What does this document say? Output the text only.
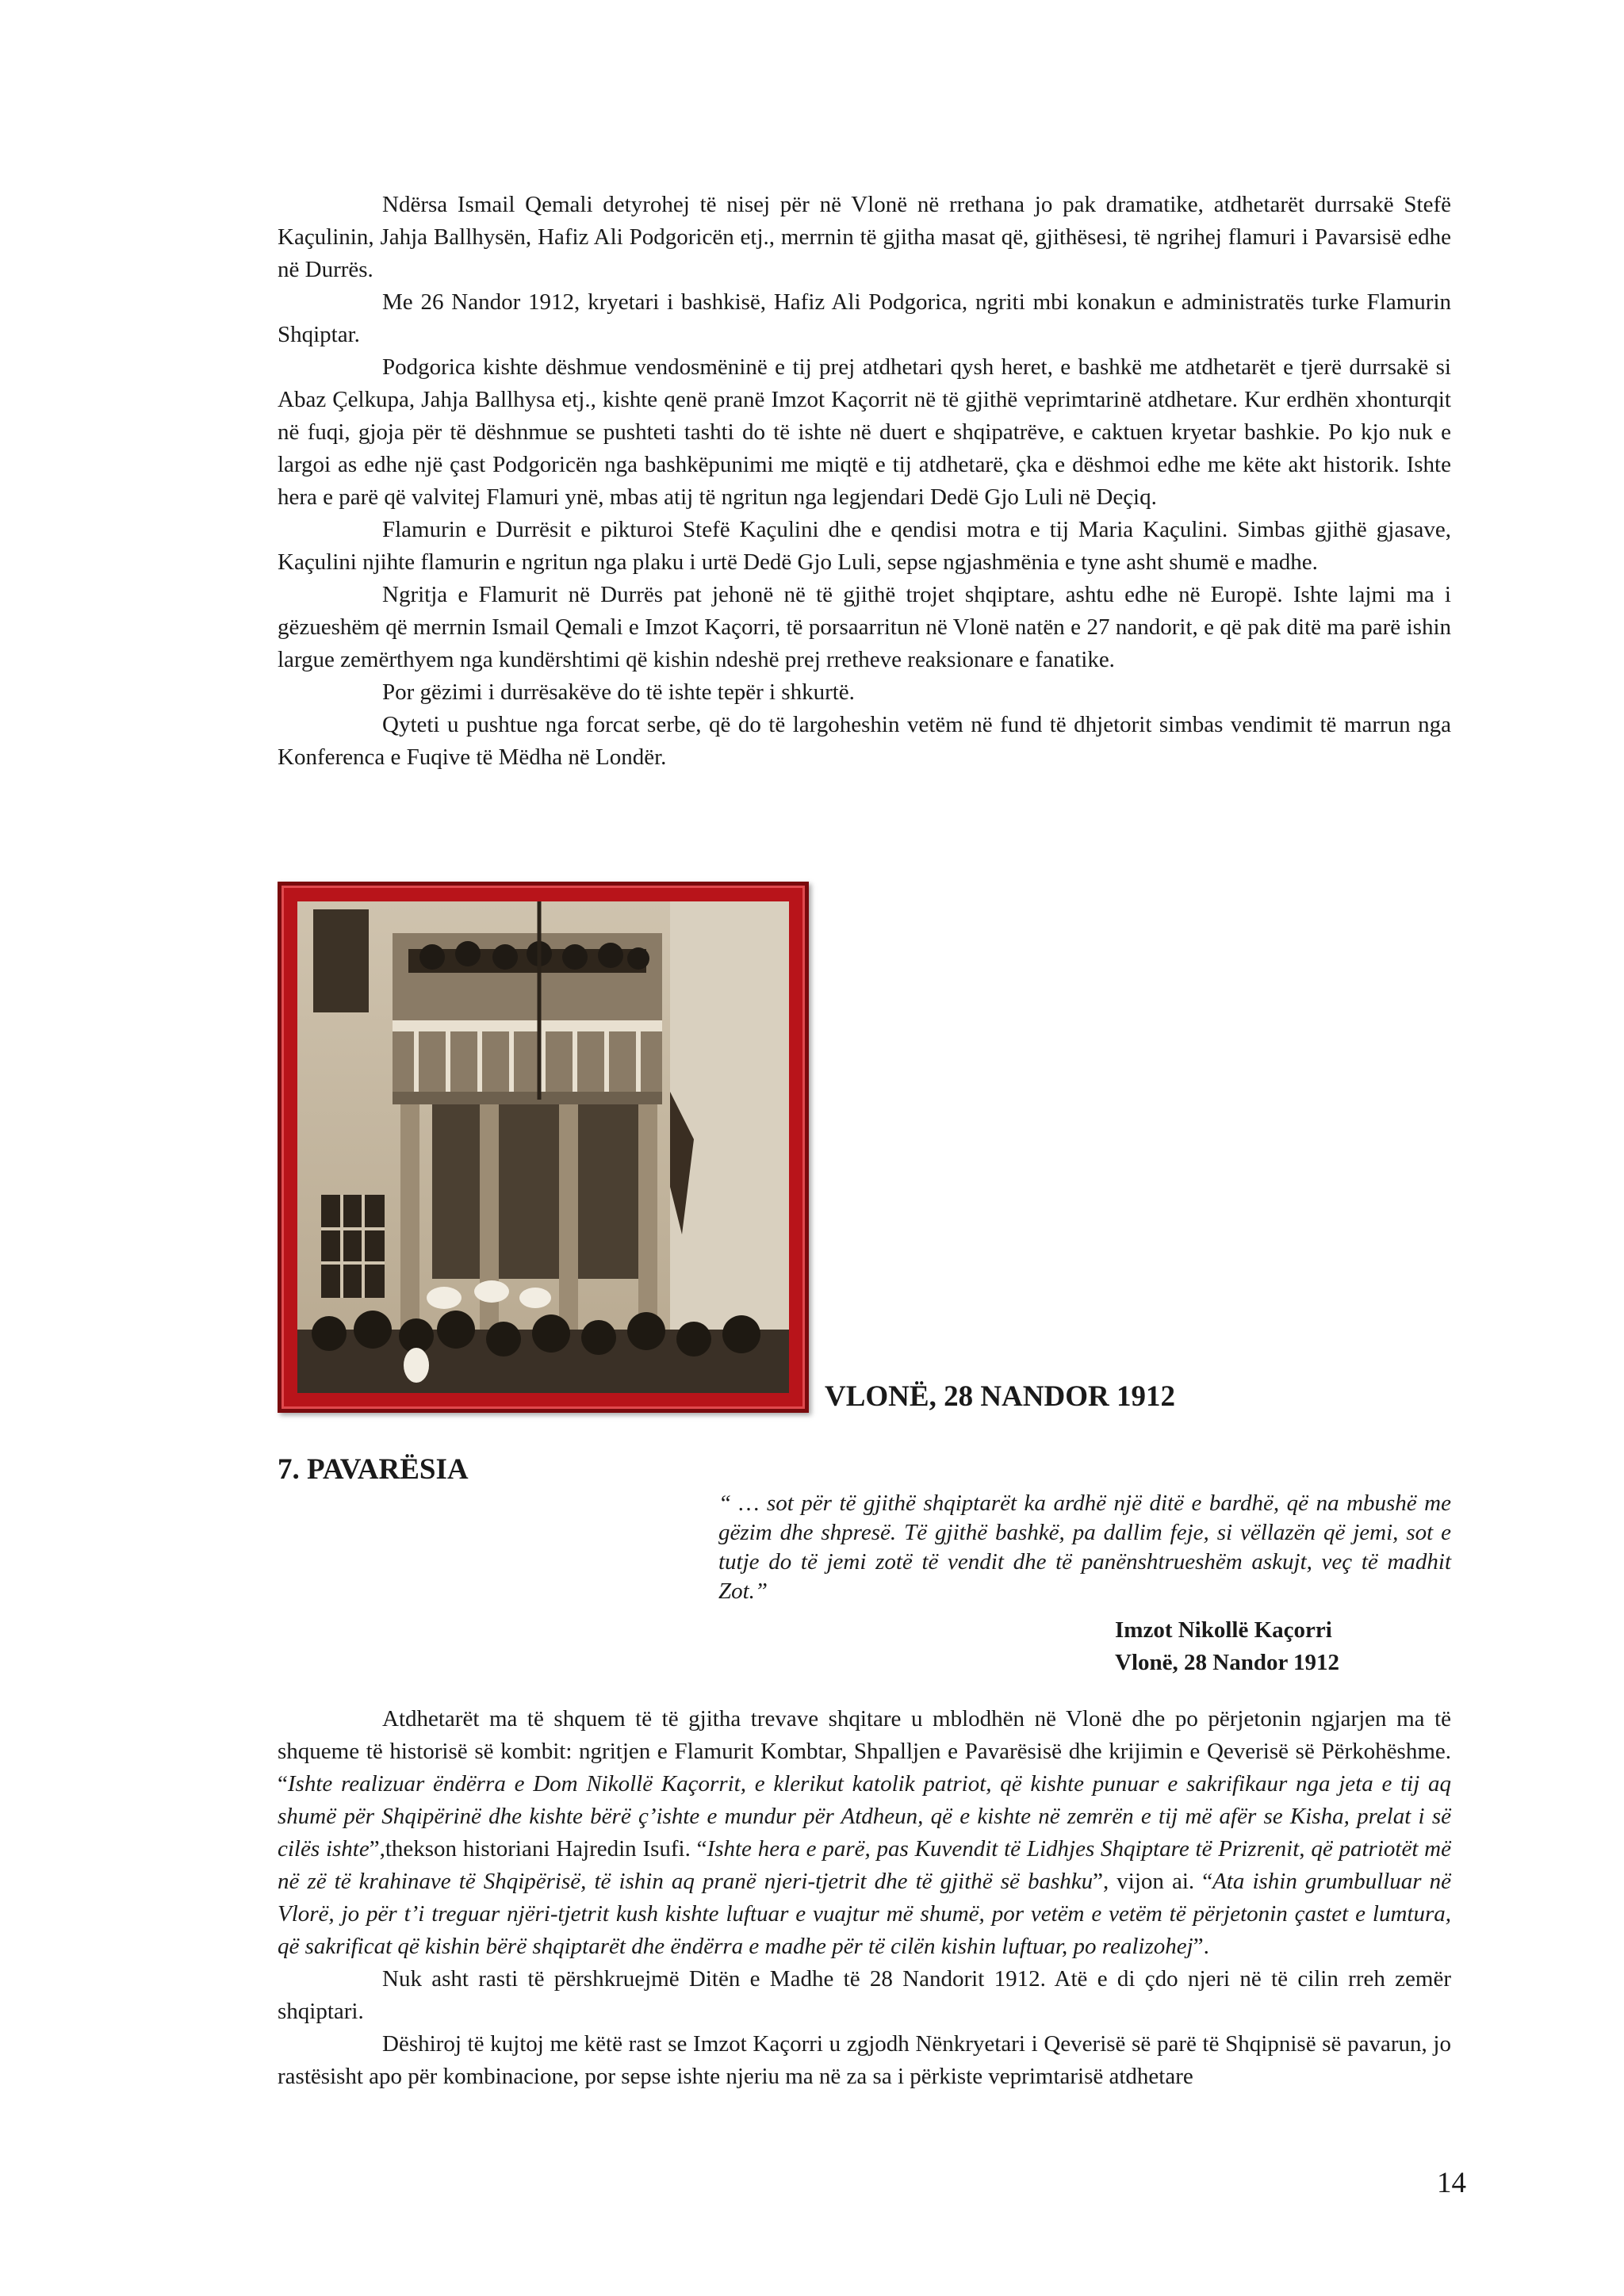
Ndërsa Ismail Qemali detyrohej të nisej për në Vlonë në rrethana jo pak dramatike, atdhetarët durrsakë Stefë Kaçulinin, Jahja Ballhysën, Hafiz Ali Podgoricën etj., merrnin të gjitha masat që, gjithësesi, të ngrihej flamuri i Pavarsisë edhe në Durrës.

Me 26 Nandor 1912, kryetari i bashkisë, Hafiz Ali Podgorica, ngriti mbi konakun e administratës turke Flamurin Shqiptar.

Podgorica kishte dëshmue vendosmëninë e tij prej atdhetari qysh heret, e bashkë me atdhetarët e tjerë durrsakë si Abaz Çelkupa, Jahja Ballhysa etj., kishte qenë pranë Imzot Kaçorrit në të gjithë veprimtarinë atdhetare. Kur erdhën xhonturqit në fuqi, gjoja për të dëshnmue se pushteti tashti do të ishte në duert e shqipatrëve, e caktuen kryetar bashkie. Po kjo nuk e largoi as edhe një çast Podgoricën nga bashkëpunimi me miqtë e tij atdhetarë, çka e dëshmoi edhe me këte akt historik. Ishte hera e parë që valvitej Flamuri ynë, mbas atij të ngritun nga legjendari Dedë Gjo Luli në Deçiq.

Flamurin e Durrësit e pikturoi Stefë Kaçulini dhe e qendisi motra e tij Maria Kaçulini. Simbas gjithë gjasave, Kaçulini njihte flamurin e ngritun nga plaku i urtë Dedë Gjo Luli, sepse ngjashmënia e tyne asht shumë e madhe.

Ngritja e Flamurit në Durrës pat jehonë në të gjithë trojet shqiptare, ashtu edhe në Europë. Ishte lajmi ma i gëzueshëm që merrnin Ismail Qemali e Imzot Kaçorri, të porsaarritun në Vlonë natën e 27 nandorit, e që pak ditë ma parë ishin largue zemërthyem nga kundërshtimi që kishin ndeshë prej rretheve reaksionare e fanatike.

Por gëzimi i durrësakëve do të ishte tepër i shkurtë.

Qyteti u pushtue nga forcat serbe, që do të largoheshin vetëm në fund të dhjetorit simbas vendimit të marrun nga Konferenca e Fuqive të Mëdha në Londër.

VLONË, 28 NANDOR 1912
7. PAVARËSIA
“ … sot për të gjithë shqiptarët ka ardhë një ditë e bardhë, që na mbushë me gëzim dhe shpresë. Të gjithë bashkë, pa dallim feje, si vëllazën që jemi, sot e tutje do të jemi zotë të vendit dhe të panënshtrueshëm askujt, veç të madhit Zot.”
Imzot Nikollë Kaçorri
Vlonë, 28 Nandor 1912

Atdhetarët ma të shquem të të gjitha trevave shqitare u mblodhën në Vlonë dhe po përjetonin ngjarjen ma të shqueme të historisë së kombit: ngritjen e Flamurit Kombtar, Shpalljen e Pavarësisë dhe krijimin e Qeverisë së Përkohëshme. “Ishte realizuar ëndërra e Dom Nikollë Kaçorrit, e klerikut katolik patriot, që kishte punuar e sakrifikaur nga jeta e tij aq shumë për Shqipërinë dhe kishte bërë ç’ishte e mundur për Atdheun, që e kishte në zemrën e tij më afër se Kisha, prelat i së cilës ishte”,thekson historiani Hajredin Isufi. “Ishte hera e parë, pas Kuvendit të Lidhjes Shqiptare të Prizrenit, që patriotët më në zë të krahinave të Shqipërisë, të ishin aq pranë njeri-tjetrit dhe të gjithë së bashku”, vijon ai. “Ata ishin grumbulluar në Vlorë, jo për t’i treguar njëri-tjetrit kush kishte luftuar e vuajtur më shumë, por vetëm e vetëm të përjetonin çastet e lumtura, që sakrificat që kishin bërë shqiptarët dhe ëndërra e madhe për të cilën kishin luftuar, po realizohej”.

Nuk asht rasti të përshkruejmë Ditën e Madhe të 28 Nandorit 1912. Atë e di çdo njeri në të cilin rreh zemër shqiptari.

Dëshiroj të kujtoj me këtë rast se Imzot Kaçorri u zgjodh Nënkryetari i Qeverisë së parë të Shqipnisë së pavarun, jo rastësisht apo për kombinacione, por sepse ishte njeriu ma në za sa i përkiste veprimtarisë atdhetare

14
